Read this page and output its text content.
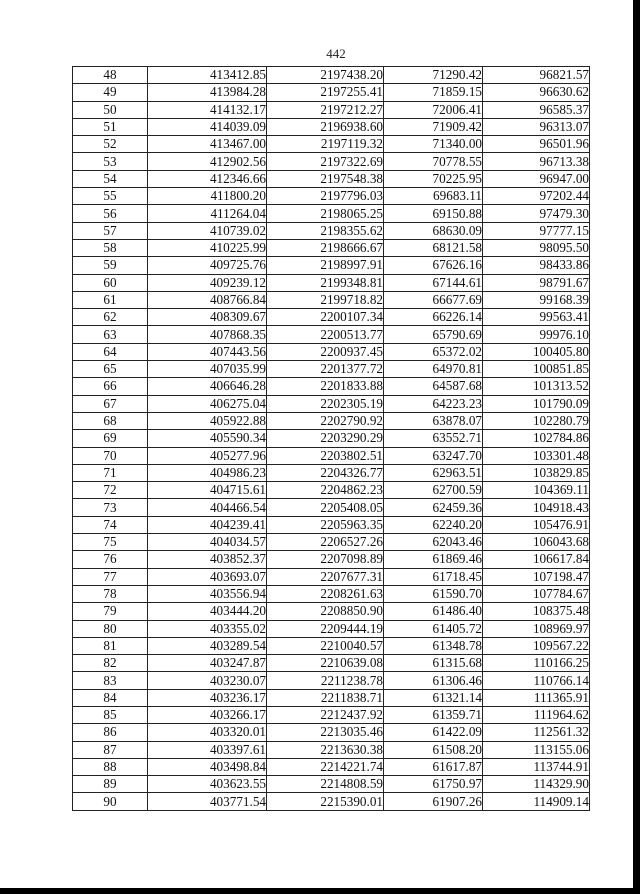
442
48	413412.85	2197438.20	71290.42	96821.57
49	413984.28	2197255.41	71859.15	96630.62
50	414132.17	2197212.27	72006.41	96585.37
51	414039.09	2196938.60	71909.42	96313.07
52	413467.00	2197119.32	71340.00	96501.96
53	412902.56	2197322.69	70778.55	96713.38
54	412346.66	2197548.38	70225.95	96947.00
55	411800.20	2197796.03	69683.11	97202.44
56	411264.04	2198065.25	69150.88	97479.30
57	410739.02	2198355.62	68630.09	97777.15
58	410225.99	2198666.67	68121.58	98095.50
59	409725.76	2198997.91	67626.16	98433.86
60	409239.12	2199348.81	67144.61	98791.67
61	408766.84	2199718.82	66677.69	99168.39
62	408309.67	2200107.34	66226.14	99563.41
63	407868.35	2200513.77	65790.69	99976.10
64	407443.56	2200937.45	65372.02	100405.80
65	407035.99	2201377.72	64970.81	100851.85
66	406646.28	2201833.88	64587.68	101313.52
67	406275.04	2202305.19	64223.23	101790.09
68	405922.88	2202790.92	63878.07	102280.79
69	405590.34	2203290.29	63552.71	102784.86
70	405277.96	2203802.51	63247.70	103301.48
71	404986.23	2204326.77	62963.51	103829.85
72	404715.61	2204862.23	62700.59	104369.11
73	404466.54	2205408.05	62459.36	104918.43
74	404239.41	2205963.35	62240.20	105476.91
75	404034.57	2206527.26	62043.46	106043.68
76	403852.37	2207098.89	61869.46	106617.84
77	403693.07	2207677.31	61718.45	107198.47
78	403556.94	2208261.63	61590.70	107784.67
79	403444.20	2208850.90	61486.40	108375.48
80	403355.02	2209444.19	61405.72	108969.97
81	403289.54	2210040.57	61348.78	109567.22
82	403247.87	2210639.08	61315.68	110166.25
83	403230.07	2211238.78	61306.46	110766.14
84	403236.17	2211838.71	61321.14	111365.91
85	403266.17	2212437.92	61359.71	111964.62
86	403320.01	2213035.46	61422.09	112561.32
87	403397.61	2213630.38	61508.20	113155.06
88	403498.84	2214221.74	61617.87	113744.91
89	403623.55	2214808.59	61750.97	114329.90
90	403771.54	2215390.01	61907.26	114909.14
